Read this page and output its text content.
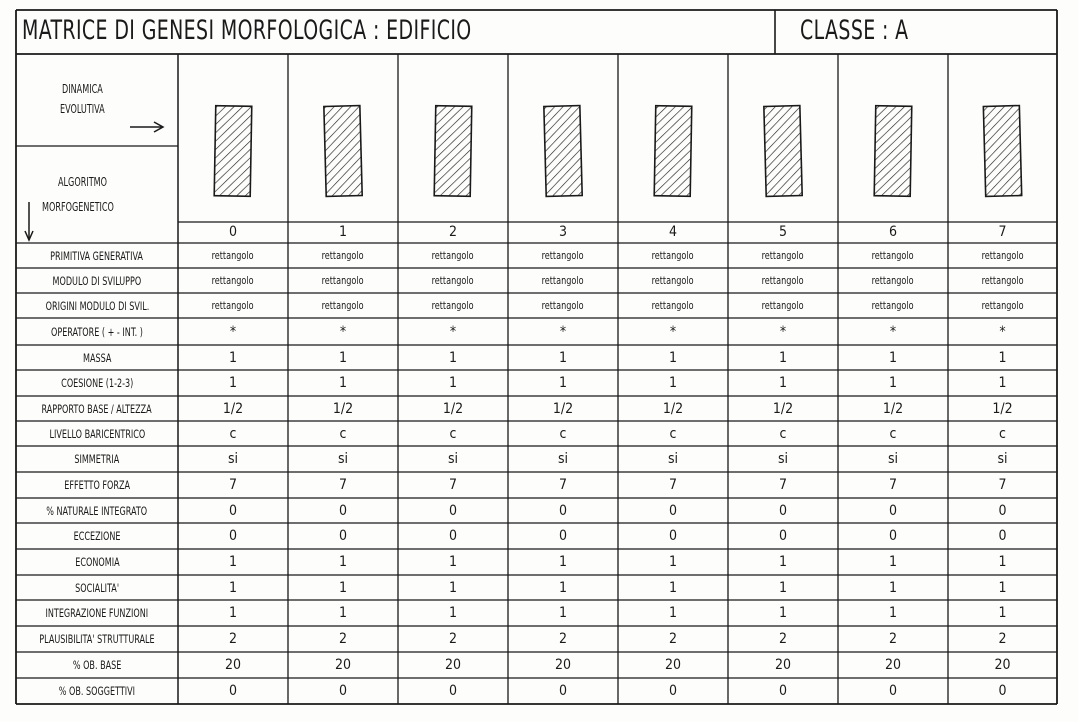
MATRICE DI GENESI MORFOLOGICA : EDIFICIO	CLASSE : A
DINAMICA
EVOLUTIVA
ALGORITMO
MORFOGENETICO
0	1	2	3	4	5	6	7
PRIMITIVA GENERATIVA	rettangolo	rettangolo	rettangolo	rettangolo	rettangolo	rettangolo	rettangolo	rettangolo
MODULO DI SVILUPPO	rettangolo	rettangolo	rettangolo	rettangolo	rettangolo	rettangolo	rettangolo	rettangolo
ORIGINI MODULO DI SVIL.	rettangolo	rettangolo	rettangolo	rettangolo	rettangolo	rettangolo	rettangolo	rettangolo
OPERATORE ( + - INT. )	*	*	*	*	*	*	*	*
MASSA	1	1	1	1	1	1	1	1
COESIONE (1-2-3)	1	1	1	1	1	1	1	1
RAPPORTO BASE / ALTEZZA	1/2	1/2	1/2	1/2	1/2	1/2	1/2	1/2
LIVELLO BARICENTRICO	c	c	c	c	c	c	c	c
SIMMETRIA	si	si	si	si	si	si	si	si
EFFETTO FORZA	7	7	7	7	7	7	7	7
% NATURALE INTEGRATO	0	0	0	0	0	0	0	0
ECCEZIONE	0	0	0	0	0	0	0	0
ECONOMIA	1	1	1	1	1	1	1	1
SOCIALITA'	1	1	1	1	1	1	1	1
INTEGRAZIONE FUNZIONI	1	1	1	1	1	1	1	1
PLAUSIBILITA' STRUTTURALE	2	2	2	2	2	2	2	2
% OB. BASE	20	20	20	20	20	20	20	20
% OB. SOGGETTIVI	0	0	0	0	0	0	0	0
